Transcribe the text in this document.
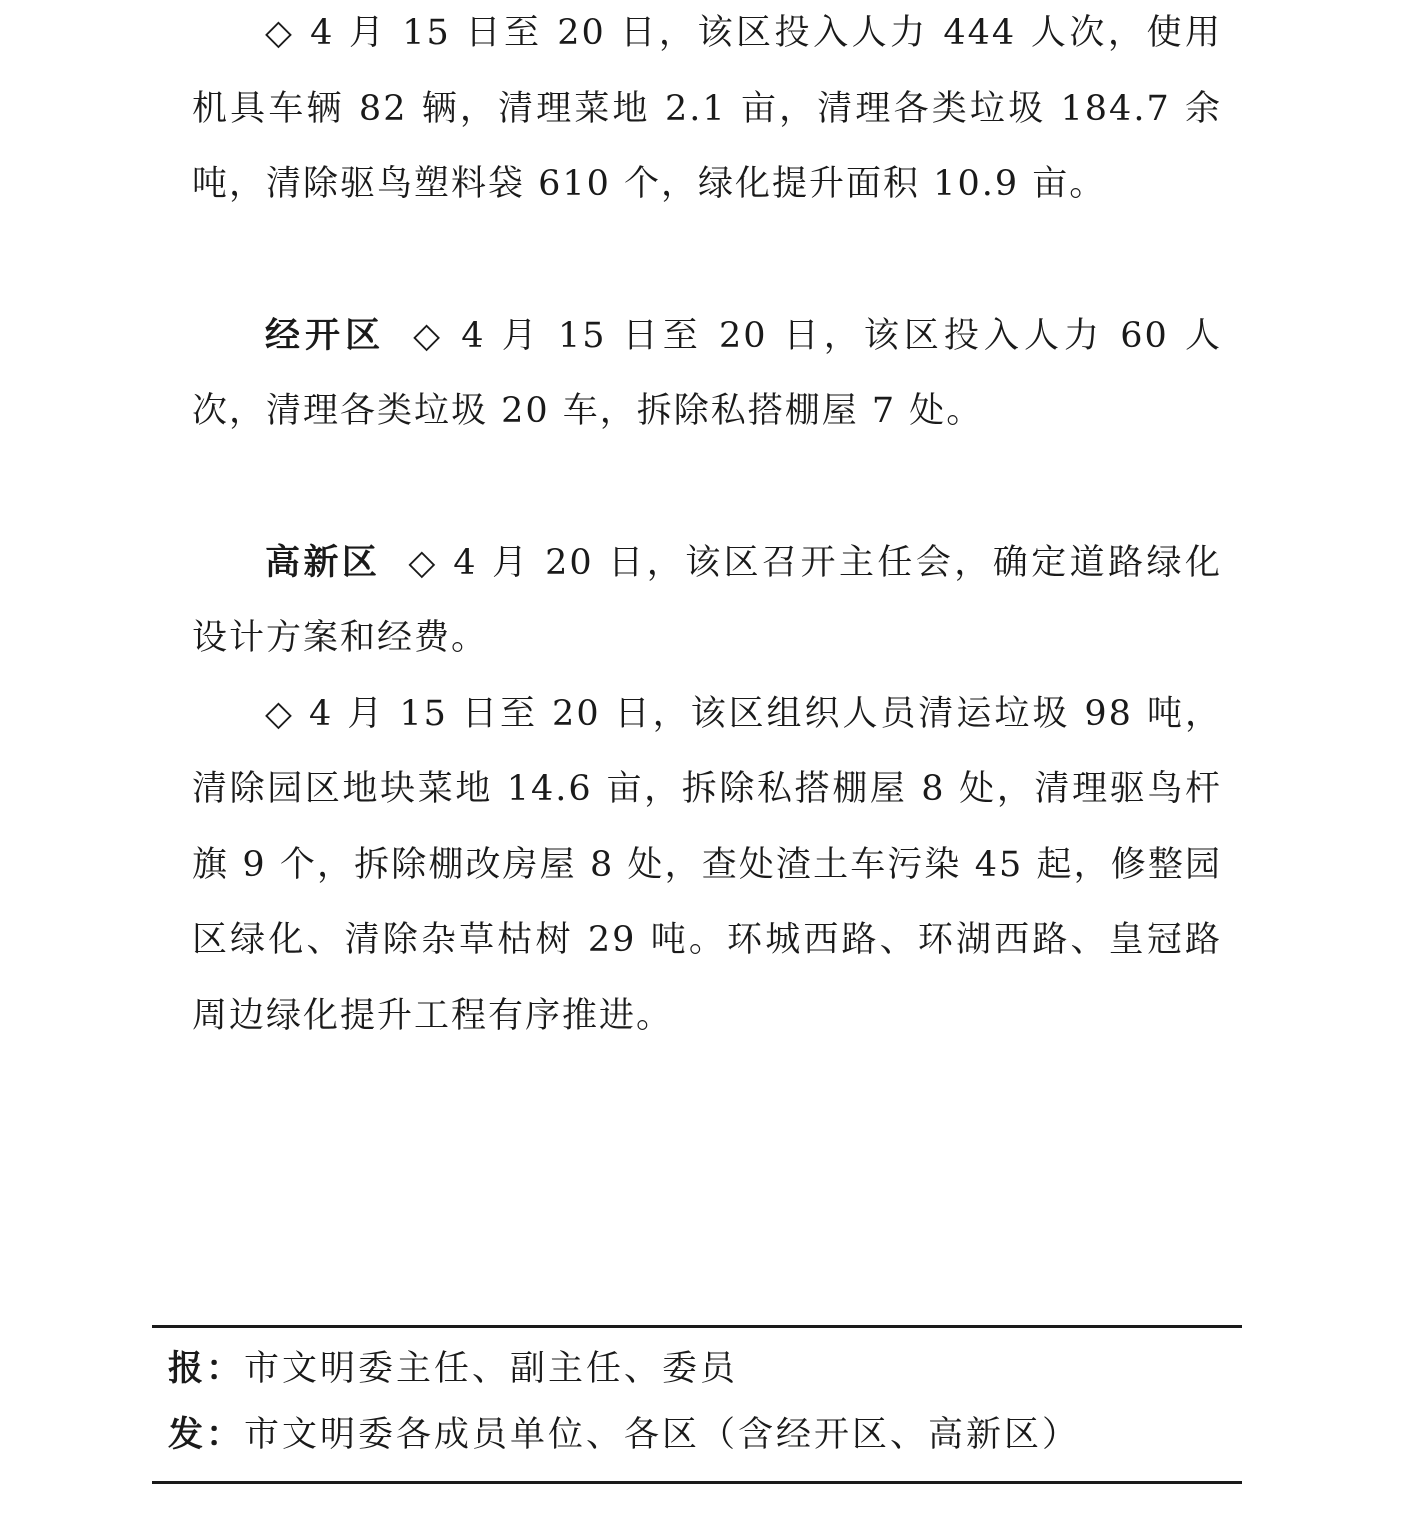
◇ 4 月 15 日至 20 日，该区投入人力 444 人次，使用机具车辆 82 辆，清理菜地 2.1 亩，清理各类垃圾 184.7 余吨，清除驱鸟塑料袋 610 个，绿化提升面积 10.9 亩。

经开区 ◇ 4 月 15 日至 20 日，该区投入人力 60 人次，清理各类垃圾 20 车，拆除私搭棚屋 7 处。

高新区 ◇ 4 月 20 日，该区召开主任会，确定道路绿化设计方案和经费。

◇ 4 月 15 日至 20 日，该区组织人员清运垃圾 98 吨，清除园区地块菜地 14.6 亩，拆除私搭棚屋 8 处，清理驱鸟杆旗 9 个，拆除棚改房屋 8 处，查处渣土车污染 45 起，修整园区绿化、清除杂草枯树 29 吨。环城西路、环湖西路、皇冠路周边绿化提升工程有序推进。

报：市文明委主任、副主任、委员
发：市文明委各成员单位、各区（含经开区、高新区）
